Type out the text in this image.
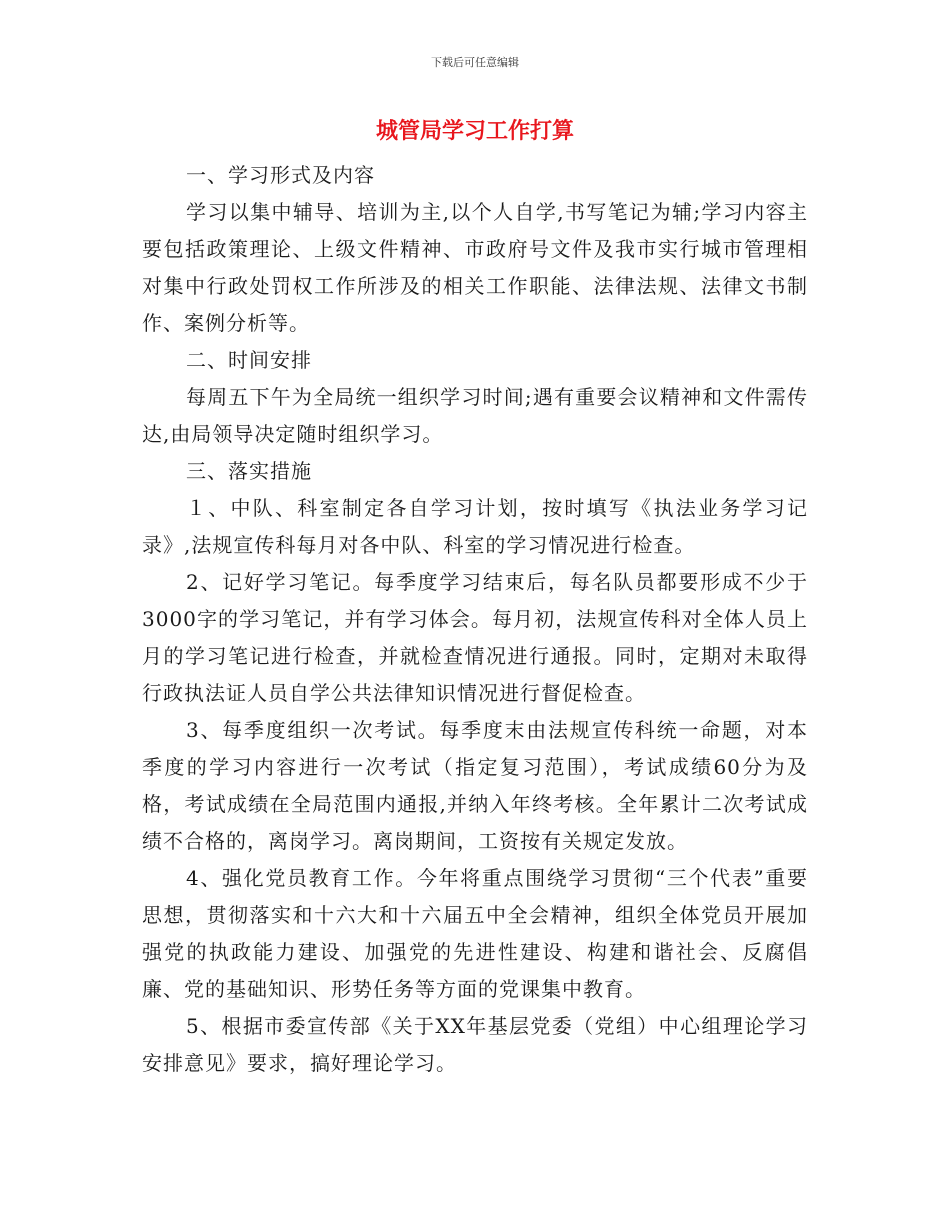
下载后可任意编辑
城管局学习工作打算

一、学习形式及内容

学习以集中辅导、培训为主,以个人自学,书写笔记为辅;学习内容主要包括政策理论、上级文件精神、市政府号文件及我市实行城市管理相对集中行政处罚权工作所涉及的相关工作职能、法律法规、法律文书制作、案例分析等。

二、时间安排

每周五下午为全局统一组织学习时间;遇有重要会议精神和文件需传达,由局领导决定随时组织学习。

三、落实措施

１、中队、科室制定各自学习计划，按时填写《执法业务学习记录》,法规宣传科每月对各中队、科室的学习情况进行检查。

2、记好学习笔记。每季度学习结束后，每名队员都要形成不少于3000字的学习笔记，并有学习体会。每月初，法规宣传科对全体人员上月的学习笔记进行检查，并就检查情况进行通报。同时，定期对未取得行政执法证人员自学公共法律知识情况进行督促检查。

3、每季度组织一次考试。每季度末由法规宣传科统一命题，对本季度的学习内容进行一次考试（指定复习范围），考试成绩60分为及格，考试成绩在全局范围内通报,并纳入年终考核。全年累计二次考试成绩不合格的，离岗学习。离岗期间，工资按有关规定发放。

4、强化党员教育工作。今年将重点围绕学习贯彻“三个代表”重要思想，贯彻落实和十六大和十六届五中全会精神，组织全体党员开展加强党的执政能力建设、加强党的先进性建设、构建和谐社会、反腐倡廉、党的基础知识、形势任务等方面的党课集中教育。

5、根据市委宣传部《关于XX年基层党委（党组）中心组理论学习安排意见》要求，搞好理论学习。
